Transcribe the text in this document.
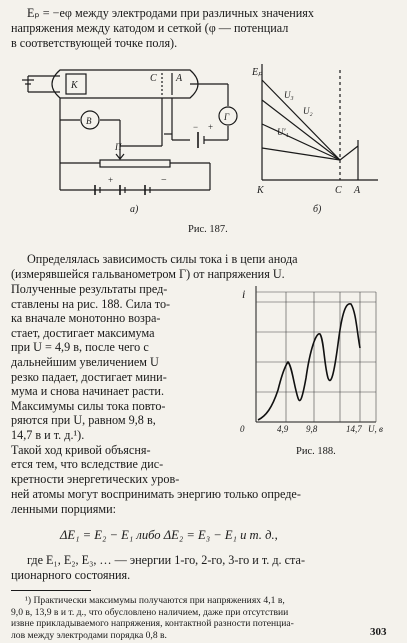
Eₚ = −eφ между электродами при различных значениях
напряжения между катодом и сеткой (φ — потенциал
в соответствующей точке поля).
K
C A
B	Г
П
+	−
− +
а)
Eₚ
U₃
U₂
U′₁
K	C A
б)
Рис. 187.
Определялась зависимость силы тока i в цепи анода
(измерявшейся гальванометром Г) от напряжения U.
Полученные результаты пред-
ставлены на рис. 188. Сила то-
ка вначале монотонно возра-
стает, достигает максимума
при U = 4,9 в, после чего с
дальнейшим увеличением U
резко падает, достигает мини-
мума и снова начинает расти.
Максимумы силы тока повто-
ряются при U, равном 9,8 в,
14,7 в и т. д.¹).
Такой ход кривой объясня-
ется тем, что вследствие дис-
кретности энергетических уров-
i
0	4,9 9,8	14,7 U, в
Рис. 188.
ней атомы могут воспринимать энергию только опреде-
ленными порциями:
ΔE₁ = E₂ − E₁ либо ΔE₂ = E₃ − E₁ и т. д.,
где E₁, E₂, E₃, … — энергии 1-го, 2-го, 3-го и т. д. ста-
ционарного состояния.
¹) Практически максимумы получаются при напряжениях 4,1 в,
9,0 в, 13,9 в и т. д., что обусловлено наличием, даже при отсутствии
извне прикладываемого напряжения, контактной разности потенциа-
лов между электродами порядка 0,8 в.	303
